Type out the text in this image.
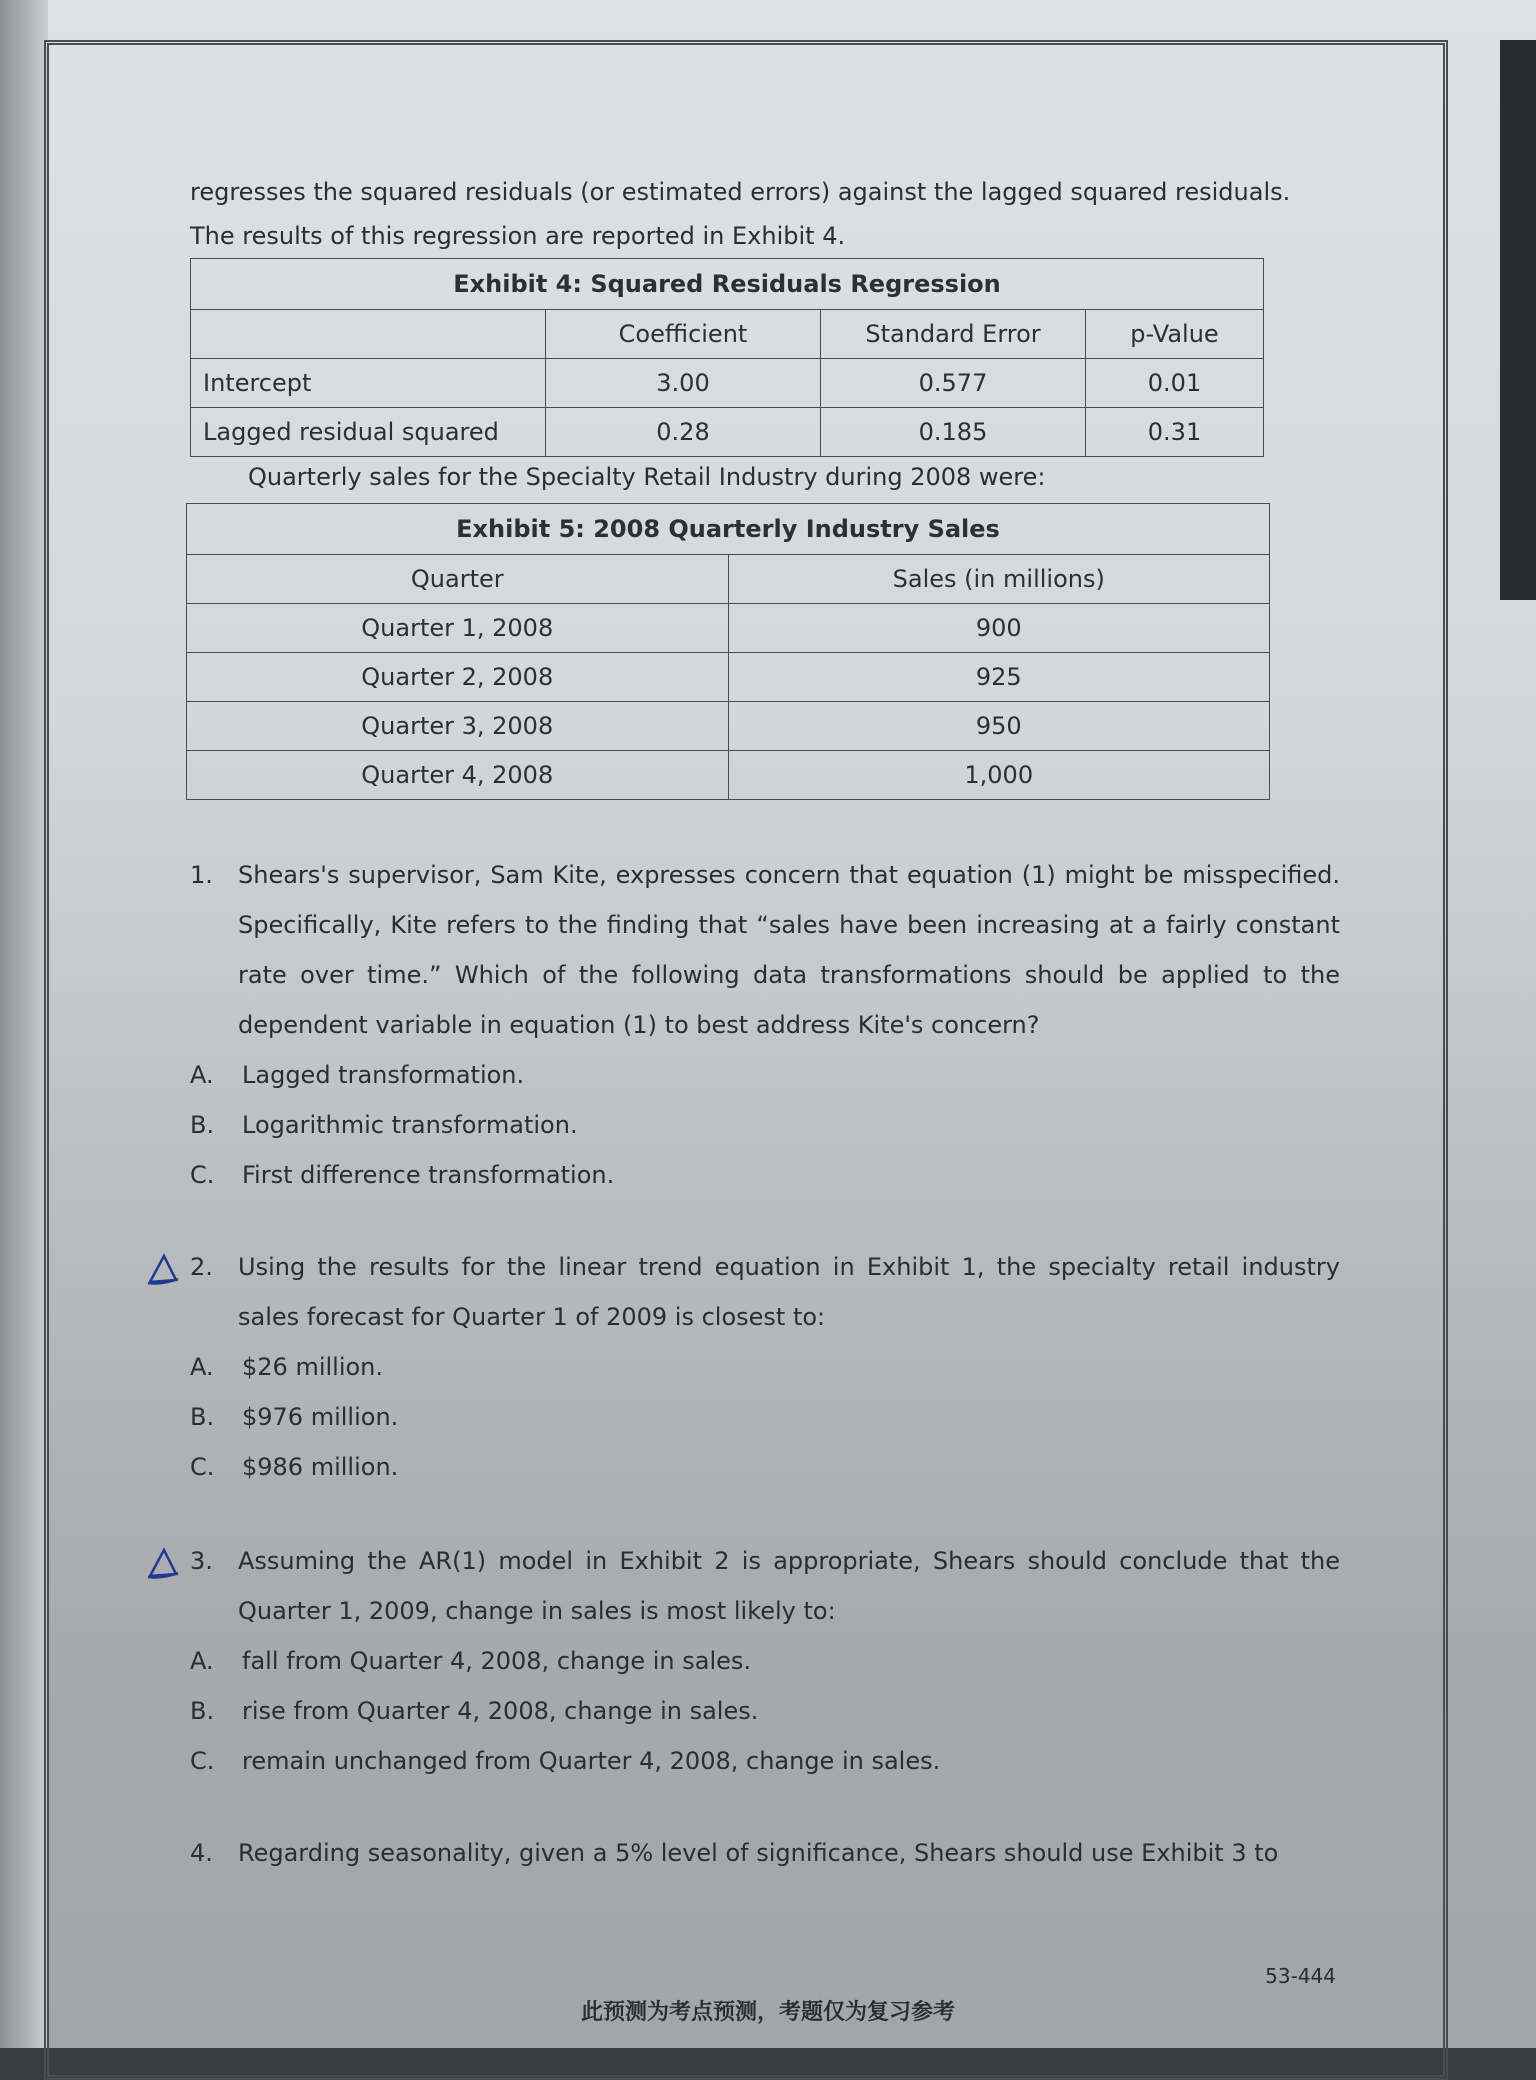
regresses the squared residuals (or estimated errors) against the lagged squared residuals.

The results of this regression are reported in Exhibit 4.

Exhibit 4: Squared Residuals Regression			
	Coefficient	Standard Error	p-Value
Intercept	3.00	0.577	0.01
Lagged residual squared	0.28	0.185	0.31

Quarterly sales for the Specialty Retail Industry during 2008 were:

Exhibit 5: 2008 Quarterly Industry Sales	
Quarter	Sales (in millions)
Quarter 1, 2008	900
Quarter 2, 2008	925
Quarter 3, 2008	950
Quarter 4, 2008	1,000
1. Shears's supervisor, Sam Kite, expresses concern that equation (1) might be misspecified. Specifically, Kite refers to the finding that “sales have been increasing at a fairly constant rate over time.” Which of the following data transformations should be applied to the dependent variable in equation (1) to best address Kite's concern?
A. Lagged transformation.
B. Logarithmic transformation.
C. First difference transformation.
2. Using the results for the linear trend equation in Exhibit 1, the specialty retail industry sales forecast for Quarter 1 of 2009 is closest to:
A. $26 million.
B. $976 million.
C. $986 million.
3. Assuming the AR(1) model in Exhibit 2 is appropriate, Shears should conclude that the Quarter 1, 2009, change in sales is most likely to:
A. fall from Quarter 4, 2008, change in sales.
B. rise from Quarter 4, 2008, change in sales.
C. remain unchanged from Quarter 4, 2008, change in sales.
4. Regarding seasonality, given a 5% level of significance, Shears should use Exhibit 3 to
53-444
此预测为考点预测，考题仅为复习参考
